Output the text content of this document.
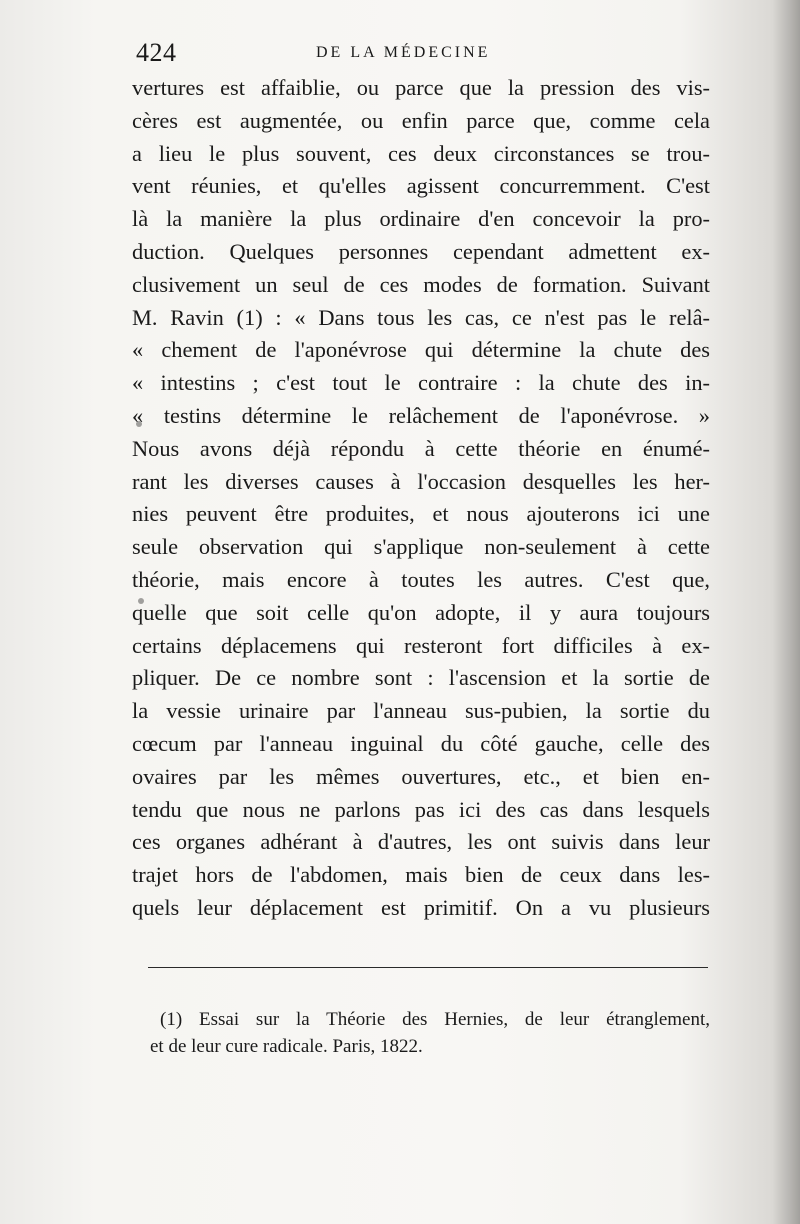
424	DE LA MÉDECINE
vertures est affaiblie, ou parce que la pression des vis-
cères est augmentée, ou enfin parce que, comme cela
a lieu le plus souvent, ces deux circonstances se trou-
vent réunies, et qu'elles agissent concurremment. C'est
là la manière la plus ordinaire d'en concevoir la pro-
duction. Quelques personnes cependant admettent ex-
clusivement un seul de ces modes de formation. Suivant
M. Ravin (1) : « Dans tous les cas, ce n'est pas le relâ-
« chement de l'aponévrose qui détermine la chute des
« intestins ; c'est tout le contraire : la chute des in-
« testins détermine le relâchement de l'aponévrose. »
Nous avons déjà répondu à cette théorie en énumé-
rant les diverses causes à l'occasion desquelles les her-
nies peuvent être produites, et nous ajouterons ici une
seule observation qui s'applique non-seulement à cette
théorie, mais encore à toutes les autres. C'est que,
quelle que soit celle qu'on adopte, il y aura toujours
certains déplacemens qui resteront fort difficiles à ex-
pliquer. De ce nombre sont : l'ascension et la sortie de
la vessie urinaire par l'anneau sus-pubien, la sortie du
cœcum par l'anneau inguinal du côté gauche, celle des
ovaires par les mêmes ouvertures, etc., et bien en-
tendu que nous ne parlons pas ici des cas dans lesquels
ces organes adhérant à d'autres, les ont suivis dans leur
trajet hors de l'abdomen, mais bien de ceux dans les-
quels leur déplacement est primitif. On a vu plusieurs
(1) Essai sur la Théorie des Hernies, de leur étranglement,
et de leur cure radicale. Paris, 1822.
